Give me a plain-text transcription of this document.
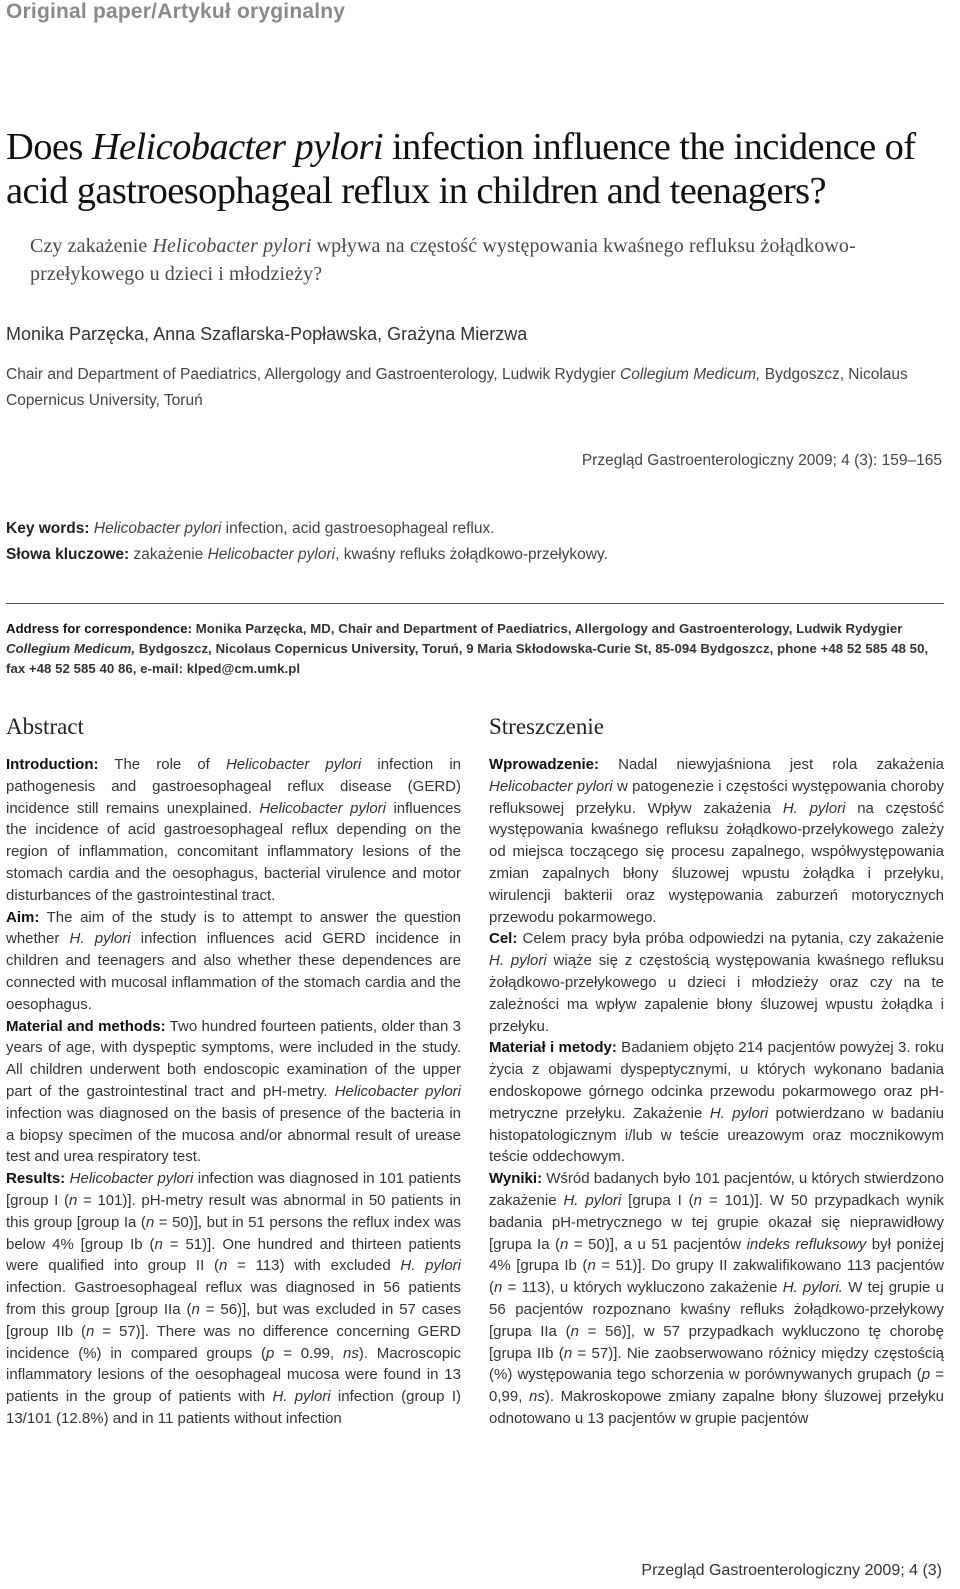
Original paper/Artykuł oryginalny
Does Helicobacter pylori infection influence the incidence of acid gastroesophageal reflux in children and teenagers?
Czy zakażenie Helicobacter pylori wpływa na częstość występowania kwaśnego refluksu żołądkowo-przełykowego u dzieci i młodzieży?
Monika Parzęcka, Anna Szaflarska-Popławska, Grażyna Mierzwa
Chair and Department of Paediatrics, Allergology and Gastroenterology, Ludwik Rydygier Collegium Medicum, Bydgoszcz, Nicolaus Copernicus University, Toruń
Przegląd Gastroenterologiczny 2009; 4 (3): 159–165
Key words: Helicobacter pylori infection, acid gastroesophageal reflux.
Słowa kluczowe: zakażenie Helicobacter pylori, kwaśny refluks żołądkowo-przełykowy.
Address for correspondence: Monika Parzęcka, MD, Chair and Department of Paediatrics, Allergology and Gastroenterology, Ludwik Rydygier Collegium Medicum, Bydgoszcz, Nicolaus Copernicus University, Toruń, 9 Maria Skłodowska-Curie St, 85-094 Bydgoszcz, phone +48 52 585 48 50, fax +48 52 585 40 86, e-mail: klped@cm.umk.pl
Abstract

Introduction: The role of Helicobacter pylori infection in pathogenesis and gastroesophageal reflux disease (GERD) incidence still remains unexplained. Helicobacter pylori influences the incidence of acid gastroesophageal reflux depending on the region of inflammation, concomitant inflammatory lesions of the stomach cardia and the oesophagus, bacterial virulence and motor disturbances of the gastrointestinal tract.

Aim: The aim of the study is to attempt to answer the question whether H. pylori infection influences acid GERD incidence in children and teenagers and also whether these dependences are connected with mucosal inflammation of the stomach cardia and the oesophagus.

Material and methods: Two hundred fourteen patients, older than 3 years of age, with dyspeptic symptoms, were included in the study. All children underwent both endoscopic examination of the upper part of the gastrointestinal tract and pH-metry. Helicobacter pylori infection was diagnosed on the basis of presence of the bacteria in a biopsy specimen of the mucosa and/or abnormal result of urease test and urea respiratory test.

Results: Helicobacter pylori infection was diagnosed in 101 patients [group I (n = 101)]. pH-metry result was abnormal in 50 patients in this group [group Ia (n = 50)], but in 51 persons the reflux index was below 4% [group Ib (n = 51)]. One hundred and thirteen patients were qualified into group II (n = 113) with excluded H. pylori infection. Gastroesophageal reflux was diagnosed in 56 patients from this group [group IIa (n = 56)], but was excluded in 57 cases [group IIb (n = 57)]. There was no difference concerning GERD incidence (%) in compared groups (p = 0.99, ns). Macroscopic inflammatory lesions of the oesophageal mucosa were found in 13 patients in the group of patients with H. pylori infection (group I) 13/101 (12.8%) and in 11 patients without infection

Streszczenie

Wprowadzenie: Nadal niewyjaśniona jest rola zakażenia Helicobacter pylori w patogenezie i częstości występowania choroby refluksowej przełyku. Wpływ zakażenia H. pylori na częstość występowania kwaśnego refluksu żołądkowo-przełykowego zależy od miejsca toczącego się procesu zapalnego, współwystępowania zmian zapalnych błony śluzowej wpustu żołądka i przełyku, wirulencji bakterii oraz występowania zaburzeń motorycznych przewodu pokarmowego.

Cel: Celem pracy była próba odpowiedzi na pytania, czy zakażenie H. pylori wiąże się z częstością występowania kwaśnego refluksu żołądkowo-przełykowego u dzieci i młodzieży oraz czy na te zależności ma wpływ zapalenie błony śluzowej wpustu żołądka i przełyku.

Materiał i metody: Badaniem objęto 214 pacjentów powyżej 3. roku życia z objawami dyspeptycznymi, u których wykonano badania endoskopowe górnego odcinka przewodu pokarmowego oraz pH-metryczne przełyku. Zakażenie H. pylori potwierdzano w badaniu histopatologicznym i/lub w teście ureazowym oraz mocznikowym teście oddechowym.

Wyniki: Wśród badanych było 101 pacjentów, u których stwierdzono zakażenie H. pylori [grupa I (n = 101)]. W 50 przypadkach wynik badania pH-metrycznego w tej grupie okazał się nieprawidłowy [grupa Ia (n = 50)], a u 51 pacjentów indeks refluksowy był poniżej 4% [grupa Ib (n = 51)]. Do grupy II zakwalifikowano 113 pacjentów (n = 113), u których wykluczono zakażenie H. pylori. W tej grupie u 56 pacjentów rozpoznano kwaśny refluks żołądkowo-przełykowy [grupa IIa (n = 56)], w 57 przypadkach wykluczono tę chorobę [grupa IIb (n = 57)]. Nie zaobserwowano różnicy między częstością (%) występowania tego schorzenia w porównywanych grupach (p = 0,99, ns). Makroskopowe zmiany zapalne błony śluzowej przełyku odnotowano u 13 pacjentów w grupie pacjentów

Przegląd Gastroenterologiczny 2009; 4 (3)
